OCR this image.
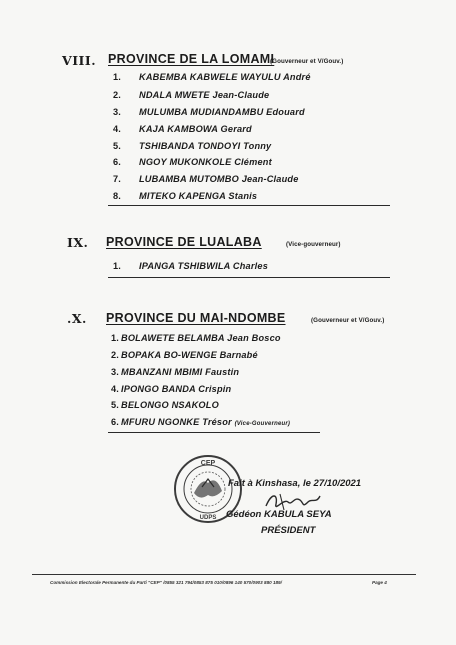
VIII. PROVINCE DE LA LOMAMI
(Gouverneur et V/Gouv.)
1. KABEMBA KABWELE WAYULU André
2. NDALA MWETE Jean-Claude
3. MULUMBA MUDIANDAMBU Edouard
4. KAJA KAMBOWA Gerard
5. TSHIBANDA TONDOYI Tonny
6. NGOY MUKONKOLE Clément
7. LUBAMBA MUTOMBO Jean-Claude
8. MITEKO KAPENGA Stanis
IX. PROVINCE DE LUALABA	(Vice-gouverneur)
1. IPANGA TSHIBWILA Charles
.X. PROVINCE DU MAI-NDOMBE	(Gouverneur et V/Gouv.)
1. BOLAWETE BELAMBA Jean Bosco
2. BOPAKA BO-WENGE Barnabé
3. MBANZANI MBIMI Faustin
4. IPONGO BANDA Crispin
5. BELONGO NSAKOLO
6. MFURU NGONKE Trésor (Vice-Gouverneur)
CEP
UDPS
Fait à Kinshasa, le 27/10/2021
Gédéon KABULA SEYA
PRÉSIDENT
Commission Electorale Permanente du Parti "CEP" /0855 321 794/0853 875 010/0896 140 570/0903 880 189/	Page 4
